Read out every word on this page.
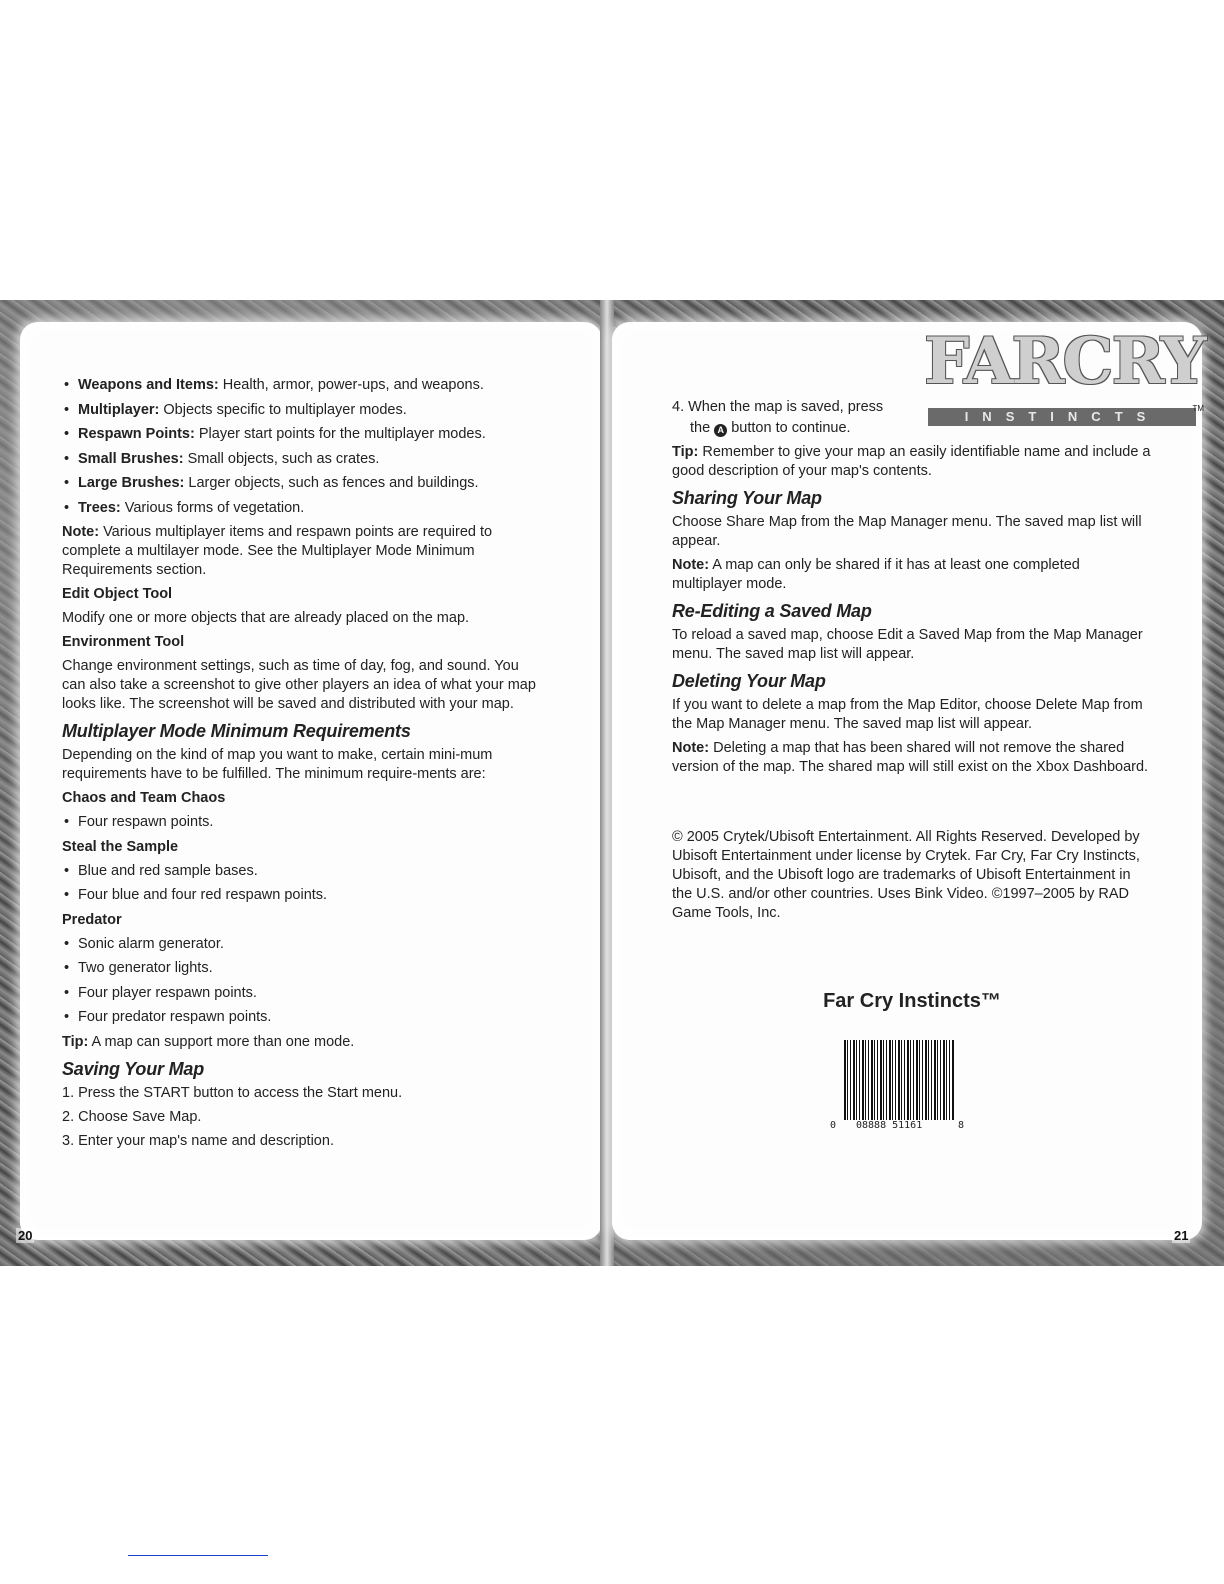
• Weapons and Items: Health, armor, power-ups, and weapons.
• Multiplayer: Objects specific to multiplayer modes.
• Respawn Points: Player start points for the multiplayer modes.
• Small Brushes: Small objects, such as crates.
• Large Brushes: Larger objects, such as fences and buildings.
• Trees: Various forms of vegetation.

Note: Various multiplayer items and respawn points are required to complete a multilayer mode. See the Multiplayer Mode Minimum Requirements section.

Edit Object Tool

Modify one or more objects that are already placed on the map.

Environment Tool

Change environment settings, such as time of day, fog, and sound. You can also take a screenshot to give other players an idea of what your map looks like. The screenshot will be saved and distributed with your map.

Multiplayer Mode Minimum Requirements

Depending on the kind of map you want to make, certain mini-mum requirements have to be fulfilled. The minimum require-ments are:

Chaos and Team Chaos
• Four respawn points.
Steal the Sample
• Blue and red sample bases.
• Four blue and four red respawn points.
Predator
• Sonic alarm generator.
• Two generator lights.
• Four player respawn points.
• Four predator respawn points.

Tip: A map can support more than one mode.

Saving Your Map
1. Press the START button to access the Start menu.
2. Choose Save Map.
3. Enter your map's name and description.
FARCRY
INSTINCTS
TM

4. When the map is saved, press

the A button to continue.

Tip: Remember to give your map an easily identifiable name and include a good description of your map's contents.

Sharing Your Map

Choose Share Map from the Map Manager menu. The saved map list will appear.

Note: A map can only be shared if it has at least one completed multiplayer mode.

Re-Editing a Saved Map

To reload a saved map, choose Edit a Saved Map from the Map Manager menu. The saved map list will appear.

Deleting Your Map

If you want to delete a map from the Map Editor, choose Delete Map from the Map Manager menu. The saved map list will appear.

Note: Deleting a map that has been shared will not remove the shared version of the map. The shared map will still exist on the Xbox Dashboard.

© 2005 Crytek/Ubisoft Entertainment. All Rights Reserved. Developed by Ubisoft Entertainment under license by Crytek. Far Cry, Far Cry Instincts, Ubisoft, and the Ubisoft logo are trademarks of Ubisoft Entertainment in the U.S. and/or other countries. Uses Bink Video. ©1997–2005 by RAD Game Tools, Inc.

Far Cry Instincts™
0 08888 51161	8
20	21
